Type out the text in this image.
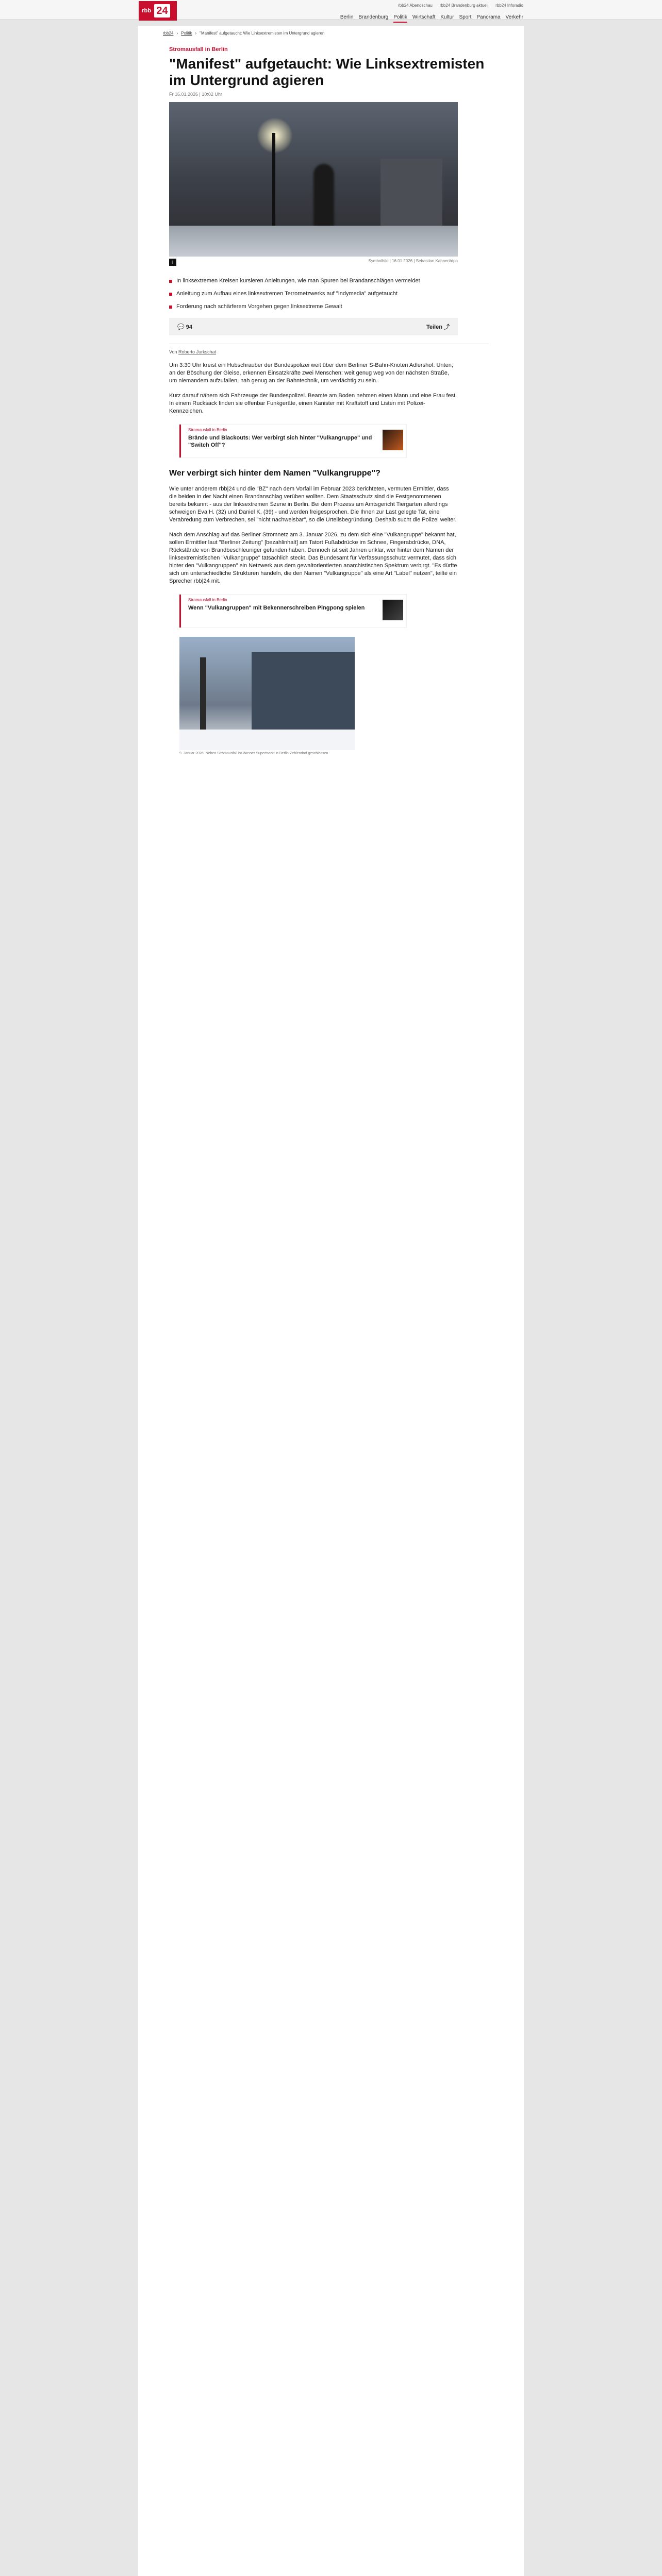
rbb 24	rbb24 Abendschau rbb24 Brandenburg aktuell rbb24 Inforadio
Berlin Brandenburg Politik Wirtschaft Kultur Sport Panorama Verkehr
rbb24 › Politik › "Manifest" aufgetaucht: Wie Linksextremisten im Untergrund agieren
Stromausfall in Berlin
"Manifest" aufgetaucht: Wie Linksextremisten im Untergrund agieren
Fr 16.01.2026 | 10:02 Uhr
i	Symbolbild | 16.01.2026 | Sebastian Kahnert/dpa
In linksextremen Kreisen kursieren Anleitungen, wie man Spuren bei Brandanschlägen vermeidet
Anleitung zum Aufbau eines linksextremen Terrornetzwerks auf "Indymedia" aufgetaucht
Forderung nach schärferem Vorgehen gegen linksextreme Gewalt
💬 94	Teilen ⤴
Von Roberto Jurkschat

Um 3:30 Uhr kreist ein Hubschrauber der Bundespolizei weit über dem Berliner S-Bahn-Knoten Adlershof. Unten, an der Böschung der Gleise, erkennen Einsatzkräfte zwei Menschen: weit genug weg von der nächsten Straße, um niemandem aufzufallen, nah genug an der Bahntechnik, um verdächtig zu sein.

Kurz darauf nähern sich Fahrzeuge der Bundespolizei. Beamte am Boden nehmen einen Mann und eine Frau fest. In einem Rucksack finden sie offenbar Funkgeräte, einen Kanister mit Kraftstoff und Listen mit Polizei-Kennzeichen.

Stromausfall in Berlin
Brände und Blackouts: Wer verbirgt sich hinter "Vulkangruppe" und "Switch Off"?
Wer verbirgt sich hinter dem Namen "Vulkangruppe"?

Wie unter anderem rbb|24 und die "BZ" nach dem Vorfall im Februar 2023 berichteten, vermuten Ermittler, dass die beiden in der Nacht einen Brandanschlag verüben wollten. Dem Staatsschutz sind die Festgenommenen bereits bekannt - aus der linksextremen Szene in Berlin. Bei dem Prozess am Amtsgericht Tiergarten allerdings schweigen Eva H. (32) und Daniel K. (39) - und werden freigesprochen. Die Ihnen zur Last gelegte Tat, eine Verabredung zum Verbrechen, sei "nicht nachweisbar", so die Urteilsbegründung. Deshalb sucht die Polizei weiter.

Nach dem Anschlag auf das Berliner Stromnetz am 3. Januar 2026, zu dem sich eine "Vulkangruppe" bekannt hat, sollen Ermittler laut "Berliner Zeitung" [bezahlinhalt] am Tatort Fußabdrücke im Schnee, Fingerabdrücke, DNA, Rückstände von Brandbeschleuniger gefunden haben. Dennoch ist seit Jahren unklar, wer hinter dem Namen der linksextremistischen "Vulkangruppe" tatsächlich steckt. Das Bundesamt für Verfassungsschutz vermutet, dass sich hinter den "Vulkangruppen" ein Netzwerk aus dem gewaltorientierten anarchistischen Spektrum verbirgt. "Es dürfte sich um unterschiedliche Strukturen handeln, die den Namen "Vulkangruppe" als eine Art "Label" nutzen", teilte ein Sprecher rbb|24 mit.

Stromausfall in Berlin
Wenn "Vulkangruppen" mit Bekennerschreiben Pingpong spielen
9. Januar 2026: Neben Stromausfall ist Wasser Supermarkt in Berlin-Zehlendorf geschlossen
